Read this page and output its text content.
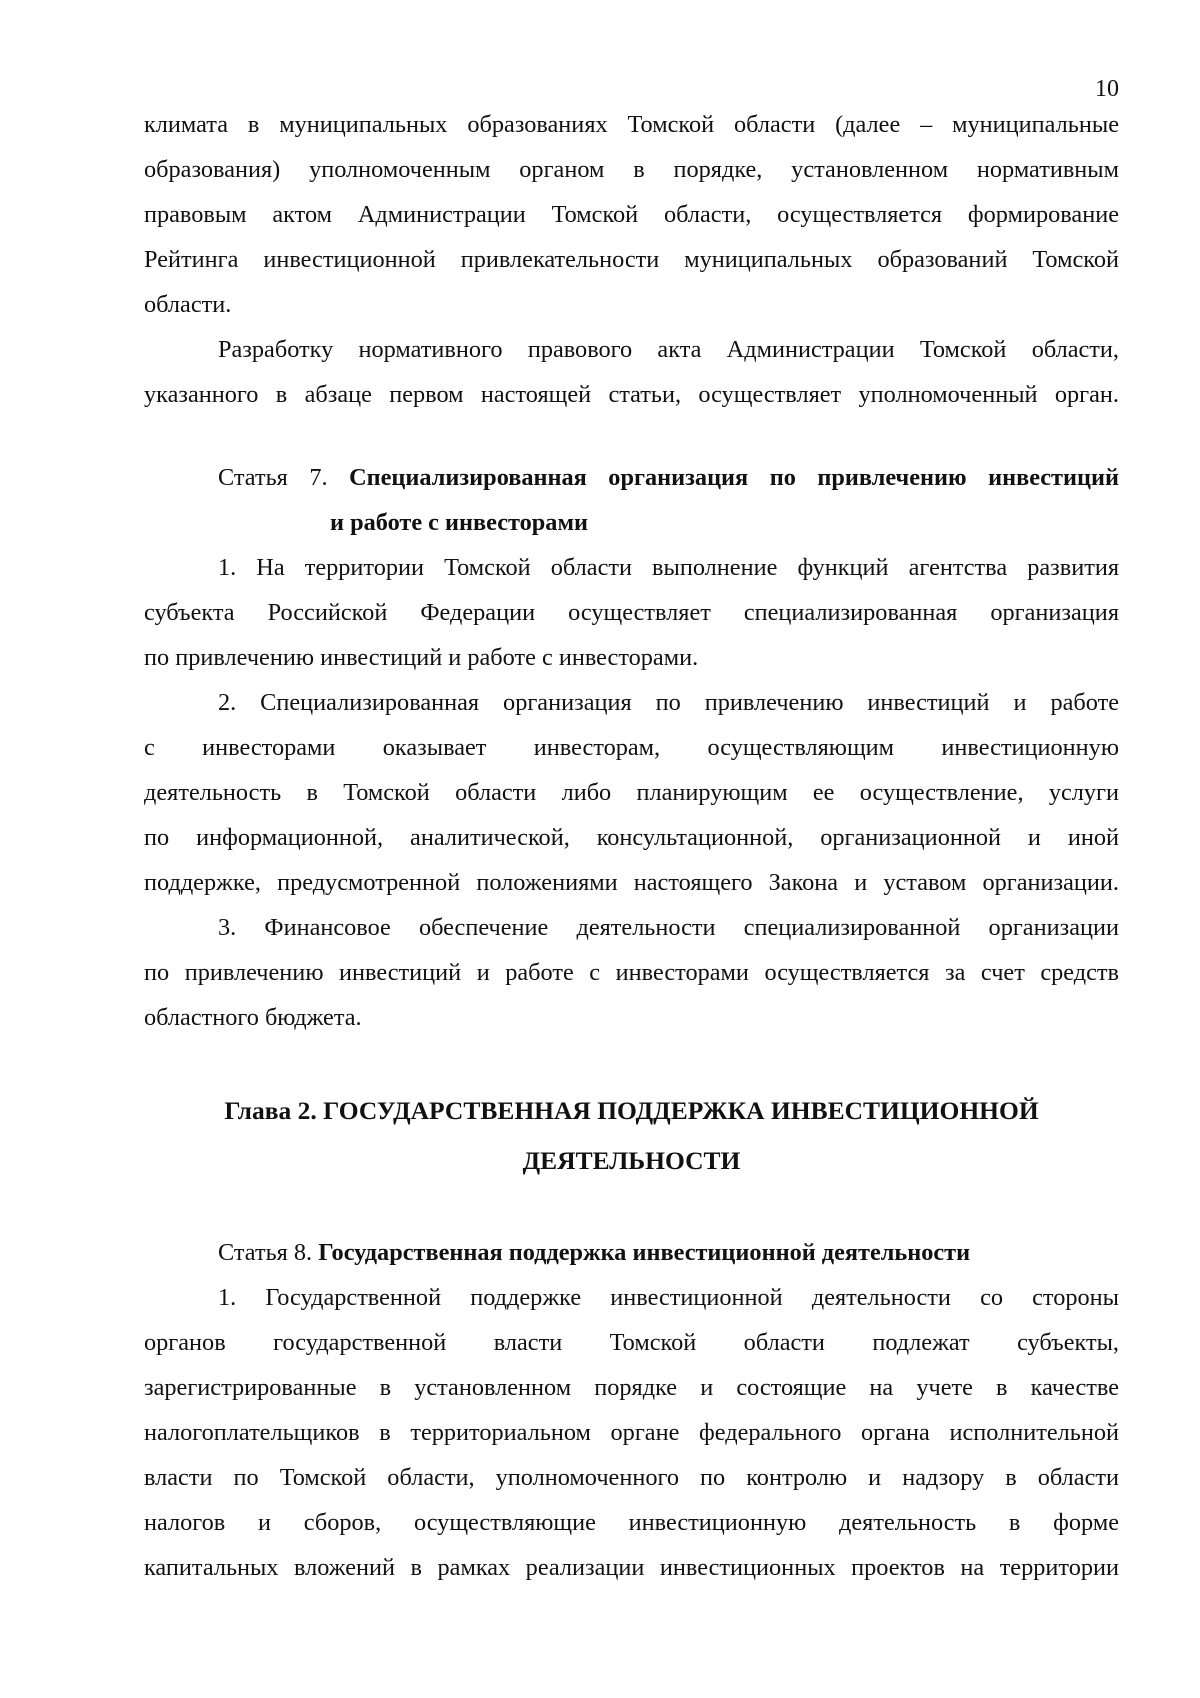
10
климата в муниципальных образованиях Томской области (далее – муниципальные
образования) уполномоченным органом в порядке, установленном нормативным
правовым актом Администрации Томской области, осуществляется формирование
Рейтинга инвестиционной привлекательности муниципальных образований Томской
области.
Разработку нормативного правового акта Администрации Томской области,
указанного в абзаце первом настоящей статьи, осуществляет уполномоченный орган.
Статья 7. Специализированная организация по привлечению инвестиций
и работе с инвесторами
1. На территории Томской области выполнение функций агентства развития
субъекта Российской Федерации осуществляет специализированная организация
по привлечению инвестиций и работе с инвесторами.
2. Специализированная организация по привлечению инвестиций и работе
с инвесторами оказывает инвесторам, осуществляющим инвестиционную
деятельность в Томской области либо планирующим ее осуществление, услуги
по информационной, аналитической, консультационной, организационной и иной
поддержке, предусмотренной положениями настоящего Закона и уставом организации.
3. Финансовое обеспечение деятельности специализированной организации
по привлечению инвестиций и работе с инвесторами осуществляется за счет средств
областного бюджета.
Глава 2. ГОСУДАРСТВЕННАЯ ПОДДЕРЖКА ИНВЕСТИЦИОННОЙ
ДЕЯТЕЛЬНОСТИ
Статья 8. Государственная поддержка инвестиционной деятельности
1. Государственной поддержке инвестиционной деятельности со стороны
органов государственной власти Томской области подлежат субъекты,
зарегистрированные в установленном порядке и состоящие на учете в качестве
налогоплательщиков в территориальном органе федерального органа исполнительной
власти по Томской области, уполномоченного по контролю и надзору в области
налогов и сборов, осуществляющие инвестиционную деятельность в форме
капитальных вложений в рамках реализации инвестиционных проектов на территории
